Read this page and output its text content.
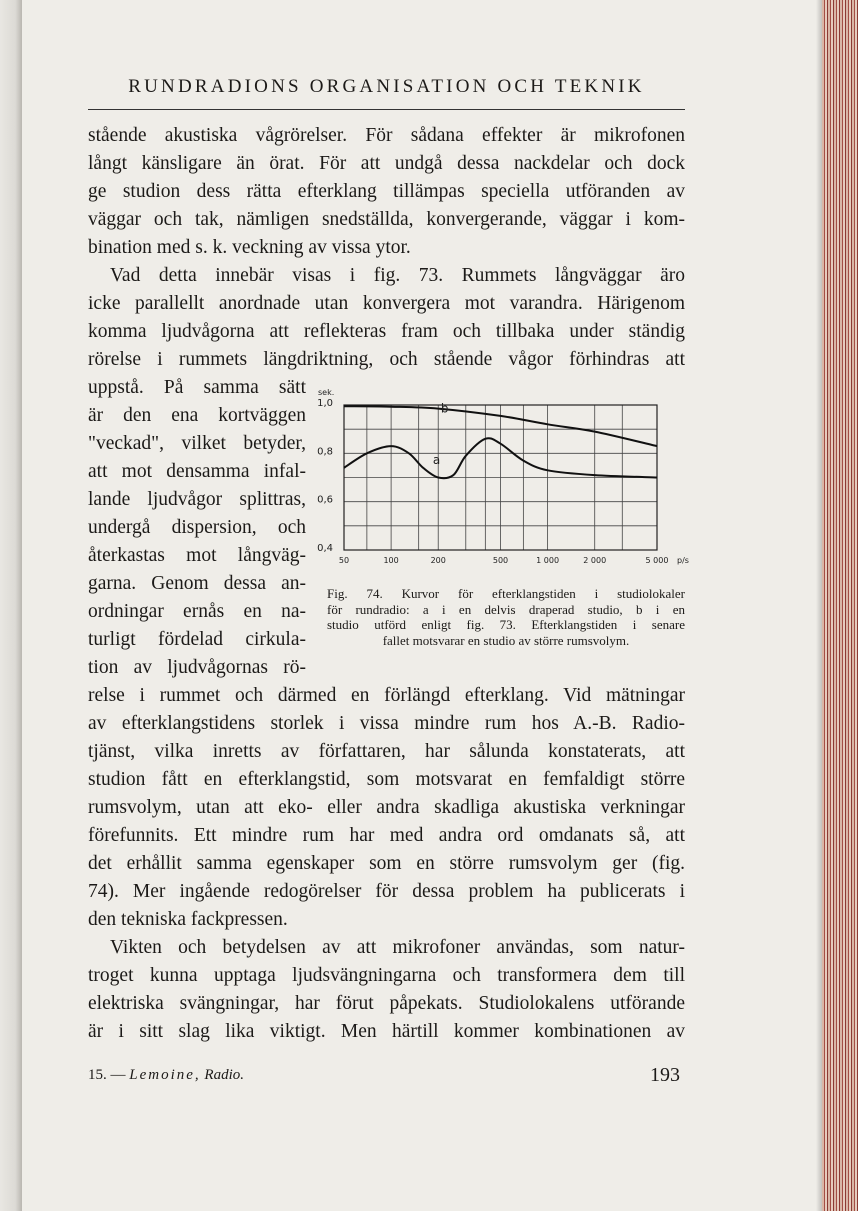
RUNDRADIONS ORGANISATION OCH TEKNIK
stående akustiska vågrörelser. För sådana effekter är mikrofonen
långt känsligare än örat. För att undgå dessa nackdelar och dock
ge studion dess rätta efterklang tillämpas speciella utföranden av
väggar och tak, nämligen snedställda, konvergerande, väggar i kom-
bination med s. k. veckning av vissa ytor.
Vad detta innebär visas i fig. 73. Rummets långväggar äro
icke parallellt anordnade utan konvergera mot varandra. Härigenom
komma ljudvågorna att reflekteras fram och tillbaka under ständig
rörelse i rummets längdriktning, och stående vågor förhindras att
uppstå. På samma sätt
är den ena kortväggen
"veckad", vilket betyder,
att mot densamma infal-
lande ljudvågor splittras,
undergå dispersion, och
återkastas mot långväg-
garna. Genom dessa an-
ordningar ernås en na-
turligt fördelad cirkula-
tion av ljudvågornas rö-
0,4
0,6
0,8
1,0
50	100	200	500	1 000	2 000	5 000
sek.
p/s
b
a
Fig. 74. Kurvor för efterklangstiden i studiolokaler
för rundradio: a i en delvis draperad studio, b i en
studio utförd enligt fig. 73. Efterklangstiden i senare
fallet motsvarar en studio av större rumsvolym.
relse i rummet och därmed en förlängd efterklang. Vid mätningar
av efterklangstidens storlek i vissa mindre rum hos A.-B. Radio-
tjänst, vilka inretts av författaren, har sålunda konstaterats, att
studion fått en efterklangstid, som motsvarat en femfaldigt större
rumsvolym, utan att eko- eller andra skadliga akustiska verkningar
förefunnits. Ett mindre rum har med andra ord omdanats så, att
det erhållit samma egenskaper som en större rumsvolym ger (fig.
74). Mer ingående redogörelser för dessa problem ha publicerats i
den tekniska fackpressen.
Vikten och betydelsen av att mikrofoner användas, som natur-
troget kunna upptaga ljudsvängningarna och transformera dem till
elektriska svängningar, har förut påpekats. Studiolokalens utförande
är i sitt slag lika viktigt. Men härtill kommer kombinationen av
15. — Lemoine, Radio.	193
